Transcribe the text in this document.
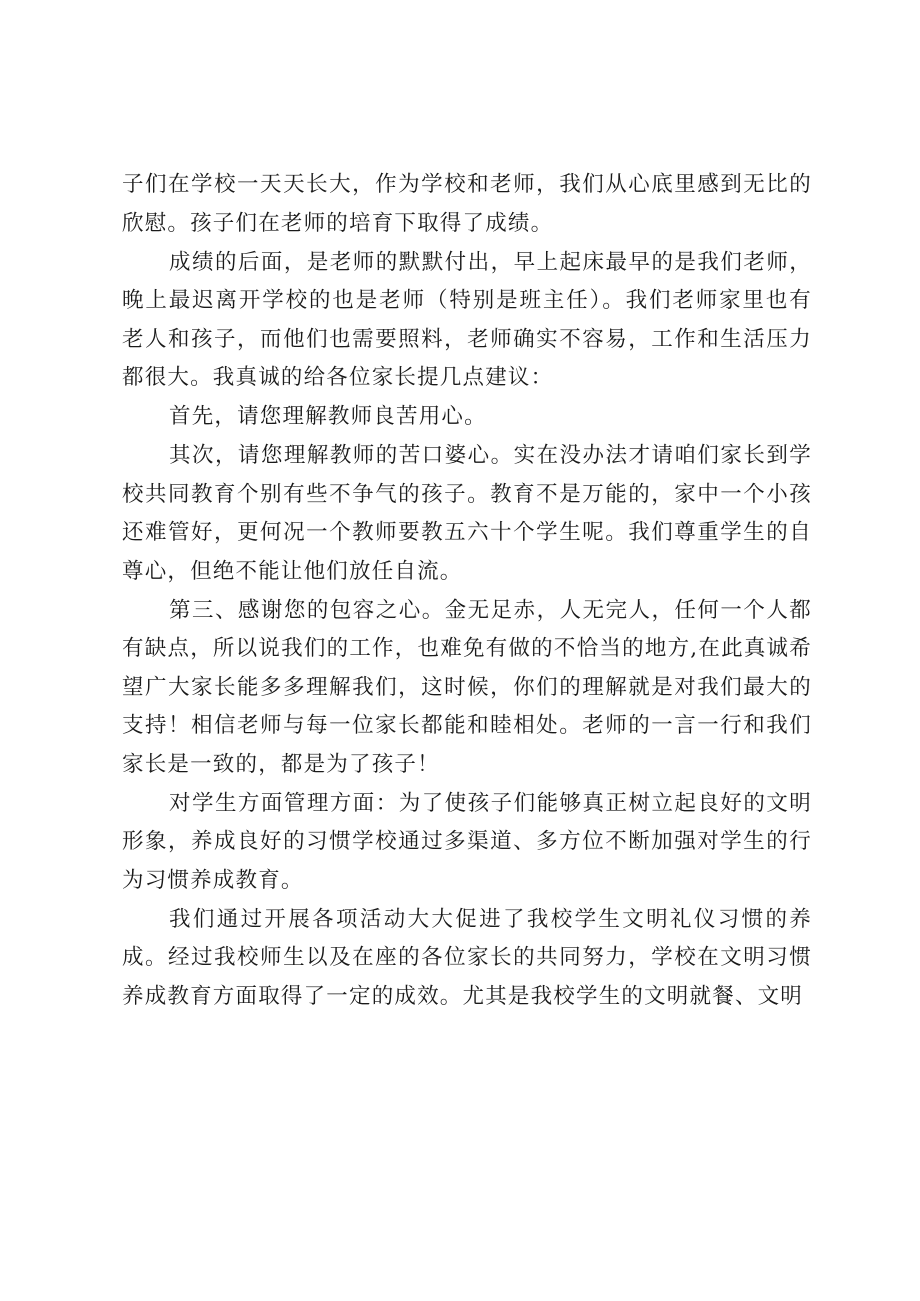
子们在学校一天天长大，作为学校和老师，我们从心底里感到无比的欣慰。孩子们在老师的培育下取得了成绩。

成绩的后面，是老师的默默付出，早上起床最早的是我们老师，晚上最迟离开学校的也是老师（特别是班主任）。我们老师家里也有老人和孩子，而他们也需要照料，老师确实不容易，工作和生活压力都很大。我真诚的给各位家长提几点建议：

首先，请您理解教师良苦用心。

其次，请您理解教师的苦口婆心。实在没办法才请咱们家长到学校共同教育个别有些不争气的孩子。教育不是万能的，家中一个小孩还难管好，更何况一个教师要教五六十个学生呢。我们尊重学生的自尊心，但绝不能让他们放任自流。

第三、感谢您的包容之心。金无足赤，人无完人，任何一个人都有缺点，所以说我们的工作，也难免有做的不恰当的地方,在此真诚希望广大家长能多多理解我们，这时候，你们的理解就是对我们最大的支持！相信老师与每一位家长都能和睦相处。老师的一言一行和我们家长是一致的，都是为了孩子！

对学生方面管理方面：为了使孩子们能够真正树立起良好的文明形象，养成良好的习惯学校通过多渠道、多方位不断加强对学生的行为习惯养成教育。

我们通过开展各项活动大大促进了我校学生文明礼仪习惯的养成。经过我校师生以及在座的各位家长的共同努力，学校在文明习惯养成教育方面取得了一定的成效。尤其是我校学生的文明就餐、文明
